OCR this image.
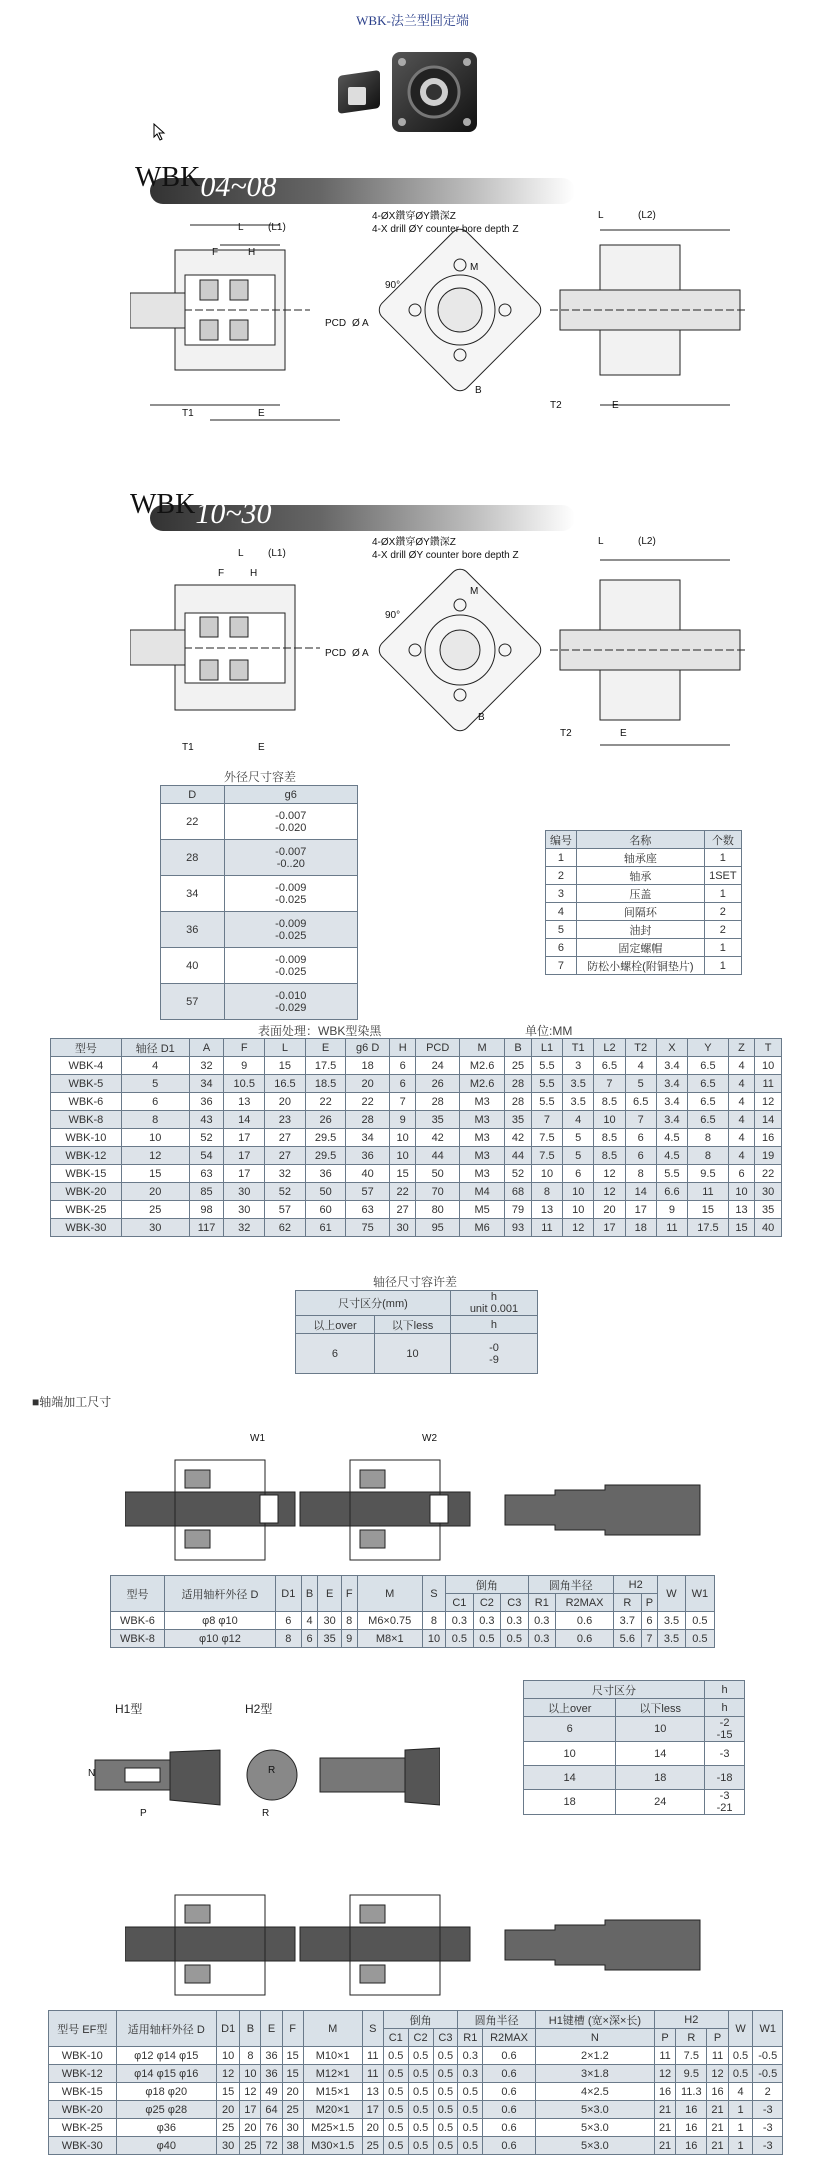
WBK-法兰型固定端
WBK04~08
4-ØX鑽穿ØY鑽深Z
4-X drill ØY counter bore depth Z
L (L1)
F	H
PCD Ø A
T1	E
90°
M
B
L	(L2)
T2	E
WBK10~30
4-ØX鑽穿ØY鑽深Z
4-X drill ØY counter bore depth Z
L (L1)
F	H
PCD Ø A
T1	E
90°
M
B
L	(L2)
T2	E
外径尺寸容差
D	g6
22	-0.007
-0.020

28	-0.007
-0..20

34	-0.009
-0.025

36	-0.009
-0.025

40	-0.009
-0.025

57	-0.010
-0.029
编号	名称	个数
1	轴承座	1
2	轴承	1SET
3	压盖	1
4	间隔环	2
5	油封	2
6	固定螺帽	1
7	防松小螺栓(附铜垫片)	1
表面处理：WBK型染黑	单位:MM
型号	轴径 D1	A	F	L	E	g6 D	H	PCD	M	B	L1	T1	L2	T2	X	Y	Z	T
WBK-4	4	32	9	15	17.5	18	6	24	M2.6	25	5.5	3	6.5	4	3.4	6.5	4	10
WBK-5	5	34	10.5	16.5	18.5	20	6	26	M2.6	28	5.5	3.5	7	5	3.4	6.5	4	11
WBK-6	6	36	13	20	22	22	7	28	M3	28	5.5	3.5	8.5	6.5	3.4	6.5	4	12
WBK-8	8	43	14	23	26	28	9	35	M3	35	7	4	10	7	3.4	6.5	4	14
WBK-10	10	52	17	27	29.5	34	10	42	M3	42	7.5	5	8.5	6	4.5	8	4	16
WBK-12	12	54	17	27	29.5	36	10	44	M3	44	7.5	5	8.5	6	4.5	8	4	19
WBK-15	15	63	17	32	36	40	15	50	M3	52	10	6	12	8	5.5	9.5	6	22
WBK-20	20	85	30	52	50	57	22	70	M4	68	8	10	12	14	6.6	11	10	30
WBK-25	25	98	30	57	60	63	27	80	M5	79	13	10	20	17	9	15	13	35
WBK-30	30	117	32	62	61	75	30	95	M6	93	11	12	17	18	11	17.5	15	40
轴径尺寸容许差
尺寸区分(mm)		h
unit 0.001

以上over	以下less	h
6	10	-0
-9
■轴端加工尺寸
W1	W2
型号	适用轴杆外径 D	D1	B	E	F	M	S	倒角			圆角半径		H2		W	W1
								C1	C2	C3	R1	R2MAX	R	P		
WBK-6	φ8 φ10	6	4	30	8	M6×0.75	8	0.3	0.3	0.3	0.3	0.6	3.7	6	3.5	0.5
WBK-8	φ10 φ12	8	6	35	9	M8×1	10	0.5	0.5	0.5	0.3	0.6	5.6	7	3.5	0.5
H1型	H2型
N
P
R
R
尺寸区分		h
以上over	以下less	h
6	10	-2
-15

10	14	-3

14	18	-18

18	24	-3
-21
型号 EF型	适用轴杆外径 D	D1	B	E	F	M	S	倒角			圆角半径		H1键槽 (宽×深×长)	H2			W	W1
								C1	C2	C3	R1	R2MAX	N	P	R	P		
WBK-10	φ12 φ14 φ15	10	8	36	15	M10×1	11	0.5	0.5	0.5	0.3	0.6	2×1.2	11	7.5	11	0.5	-0.5
WBK-12	φ14 φ15 φ16	12	10	36	15	M12×1	11	0.5	0.5	0.5	0.3	0.6	3×1.8	12	9.5	12	0.5	-0.5
WBK-15	φ18 φ20	15	12	49	20	M15×1	13	0.5	0.5	0.5	0.5	0.6	4×2.5	16	11.3	16	4	2
WBK-20	φ25 φ28	20	17	64	25	M20×1	17	0.5	0.5	0.5	0.5	0.6	5×3.0	21	16	21	1	-3
WBK-25	φ36	25	20	76	30	M25×1.5	20	0.5	0.5	0.5	0.5	0.6	5×3.0	21	16	21	1	-3
WBK-30	φ40	30	25	72	38	M30×1.5	25	0.5	0.5	0.5	0.5	0.6	5×3.0	21	16	21	1	-3
